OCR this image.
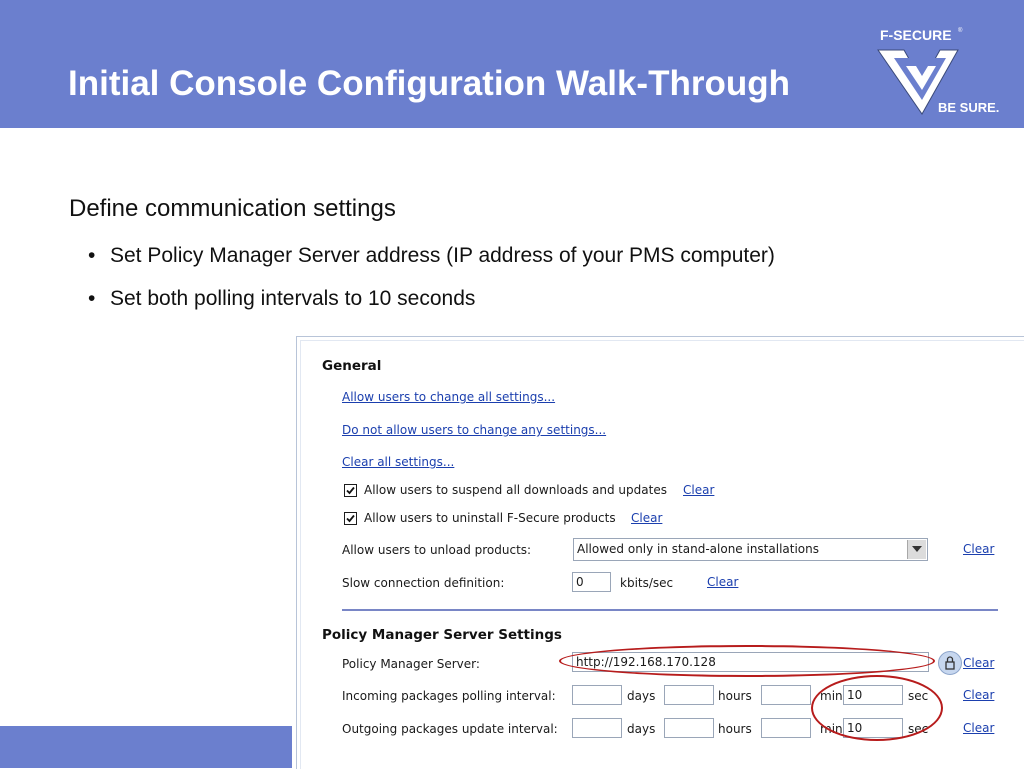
Initial Console Configuration Walk-Through
F-SECURE ®
BE SURE.
Define communication settings
• Set Policy Manager Server address (IP address of your PMS computer)
• Set both polling intervals to 10 seconds
General
Allow users to change all settings...
Do not allow users to change any settings...
Clear all settings...
Allow users to suspend all downloads and updates Clear
Allow users to uninstall F-Secure products Clear
Allow users to unload products:	Allowed only in stand-alone installations	Clear
Slow connection definition:	0	kbits/sec	Clear
Policy Manager Server Settings
Policy Manager Server:	http://192.168.170.128	Clear
Incoming packages polling interval:	days	hours	min 10	sec	Clear
Outgoing packages update interval:	days	hours	min 10	sec	Clear
